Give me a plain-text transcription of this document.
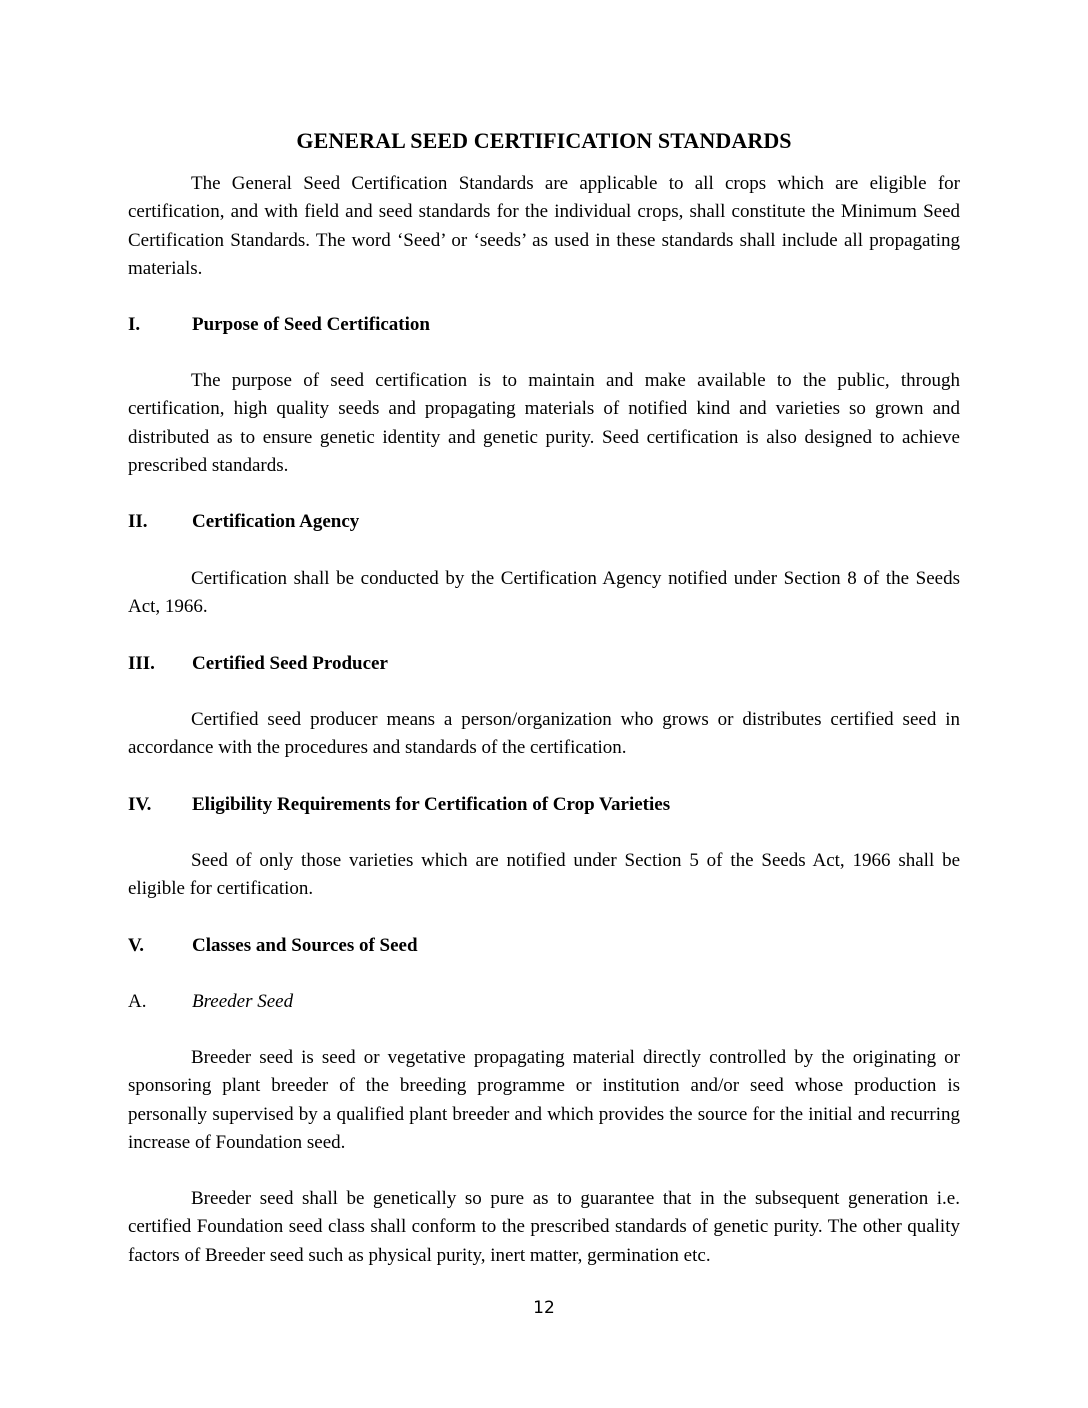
GENERAL SEED CERTIFICATION STANDARDS

The General Seed Certification Standards are applicable to all crops which are eligible for certification, and with field and seed standards for the individual crops, shall constitute the Minimum Seed Certification Standards. The word ‘Seed’ or ‘seeds’ as used in these standards shall include all propagating materials.

I.	Purpose of Seed Certification

The purpose of seed certification is to maintain and make available to the public, through certification, high quality seeds and propagating materials of notified kind and varieties so grown and distributed as to ensure genetic identity and genetic purity. Seed certification is also designed to achieve prescribed standards.

II. Certification Agency

Certification shall be conducted by the Certification Agency notified under Section 8 of the Seeds Act, 1966.

III. Certified Seed Producer

Certified seed producer means a person/organization who grows or distributes certified seed in accordance with the procedures and standards of the certification.

IV. Eligibility Requirements for Certification of Crop Varieties

Seed of only those varieties which are notified under Section 5 of the Seeds Act, 1966 shall be eligible for certification.

V.	Classes and Sources of Seed
A. Breeder Seed

Breeder seed is seed or vegetative propagating material directly controlled by the originating or sponsoring plant breeder of the breeding programme or institution and/or seed whose production is personally supervised by a qualified plant breeder and which provides the source for the initial and recurring increase of Foundation seed.

Breeder seed shall be genetically so pure as to guarantee that in the subsequent generation i.e. certified Foundation seed class shall conform to the prescribed standards of genetic purity. The other quality factors of Breeder seed such as physical purity, inert matter, germination etc.

12
